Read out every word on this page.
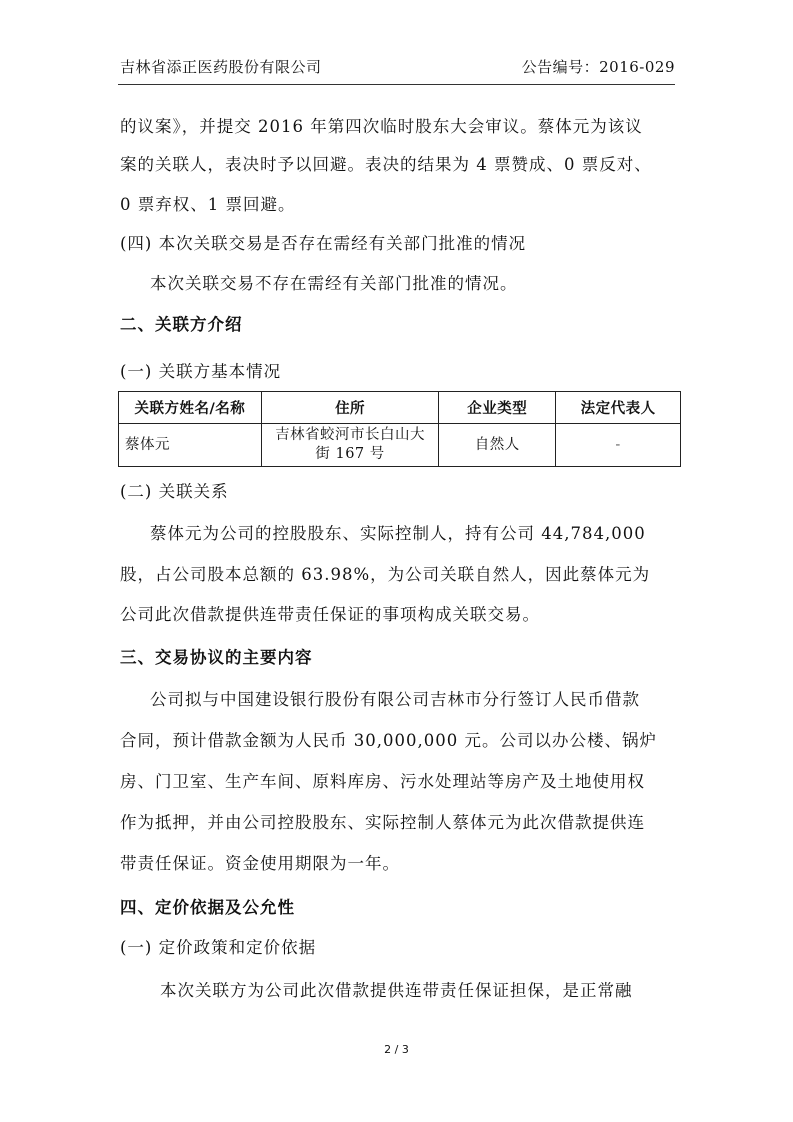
吉林省添正医药股份有限公司	公告编号：2016-029
的议案》，并提交 2016 年第四次临时股东大会审议。蔡体元为该议
案的关联人，表决时予以回避。表决的结果为 4 票赞成、0 票反对、
0 票弃权、1 票回避。
(四) 本次关联交易是否存在需经有关部门批准的情况
本次关联交易不存在需经有关部门批准的情况。
二、关联方介绍
(一) 关联方基本情况
关联方姓名/名称	住所	企业类型	法定代表人
蔡体元	吉林省蛟河市长白山大
街 167 号	自然人	-
(二) 关联关系
蔡体元为公司的控股股东、实际控制人，持有公司 44,784,000
股，占公司股本总额的 63.98%，为公司关联自然人，因此蔡体元为
公司此次借款提供连带责任保证的事项构成关联交易。
三、交易协议的主要内容
公司拟与中国建设银行股份有限公司吉林市分行签订人民币借款
合同，预计借款金额为人民币 30,000,000 元。公司以办公楼、锅炉
房、门卫室、生产车间、原料库房、污水处理站等房产及土地使用权
作为抵押，并由公司控股股东、实际控制人蔡体元为此次借款提供连
带责任保证。资金使用期限为一年。
四、定价依据及公允性
(一) 定价政策和定价依据
本次关联方为公司此次借款提供连带责任保证担保，是正常融
2 / 3
